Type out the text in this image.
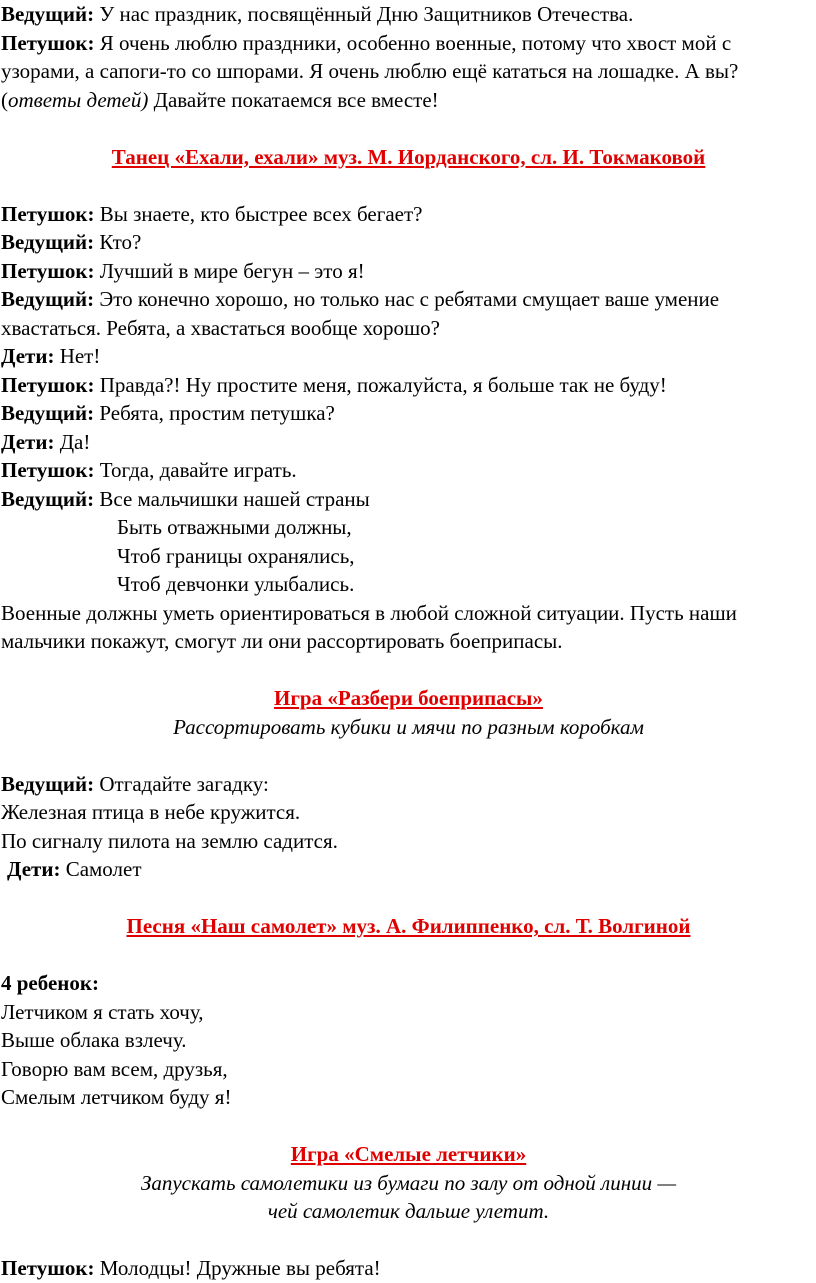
Ведущий: У нас праздник, посвящённый Дню Защитников Отечества.

Петушок: Я очень люблю праздники, особенно военные, потому что хвост мой с узорами, а сапоги-то со шпорами. Я очень люблю ещё кататься на лошадке. А вы? (ответы детей) Давайте покатаемся все вместе!

Танец «Ехали, ехали» муз. М. Иорданского, сл. И. Токмаковой

Петушок: Вы знаете, кто быстрее всех бегает?

Ведущий: Кто?

Петушок: Лучший в мире бегун – это я!

Ведущий: Это конечно хорошо, но только нас с ребятами смущает ваше умение хвастаться. Ребята, а хвастаться вообще хорошо?

Дети: Нет!

Петушок: Правда?! Ну простите меня, пожалуйста, я больше так не буду!

Ведущий: Ребята, простим петушка?

Дети: Да!

Петушок: Тогда, давайте играть.

Ведущий: Все мальчишки нашей страны

Быть отважными должны,

Чтоб границы охранялись,

Чтоб девчонки улыбались.

Военные должны уметь ориентироваться в любой сложной ситуации. Пусть наши мальчики покажут, смогут ли они рассортировать боеприпасы.

Игра «Разбери боеприпасы»

Рассортировать кубики и мячи по разным коробкам

Ведущий: Отгадайте загадку:

Железная птица в небе кружится.

По сигналу пилота на землю садится.

Дети: Самолет

Песня «Наш самолет» муз. А. Филиппенко, сл. Т. Волгиной

4 ребенок:

Летчиком я стать хочу,

Выше облака взлечу.

Говорю вам всем, друзья,

Смелым летчиком буду я!

Игра «Смелые летчики»

Запускать самолетики из бумаги по залу от одной линии —

чей самолетик дальше улетит.

Петушок: Молодцы! Дружные вы ребята!
